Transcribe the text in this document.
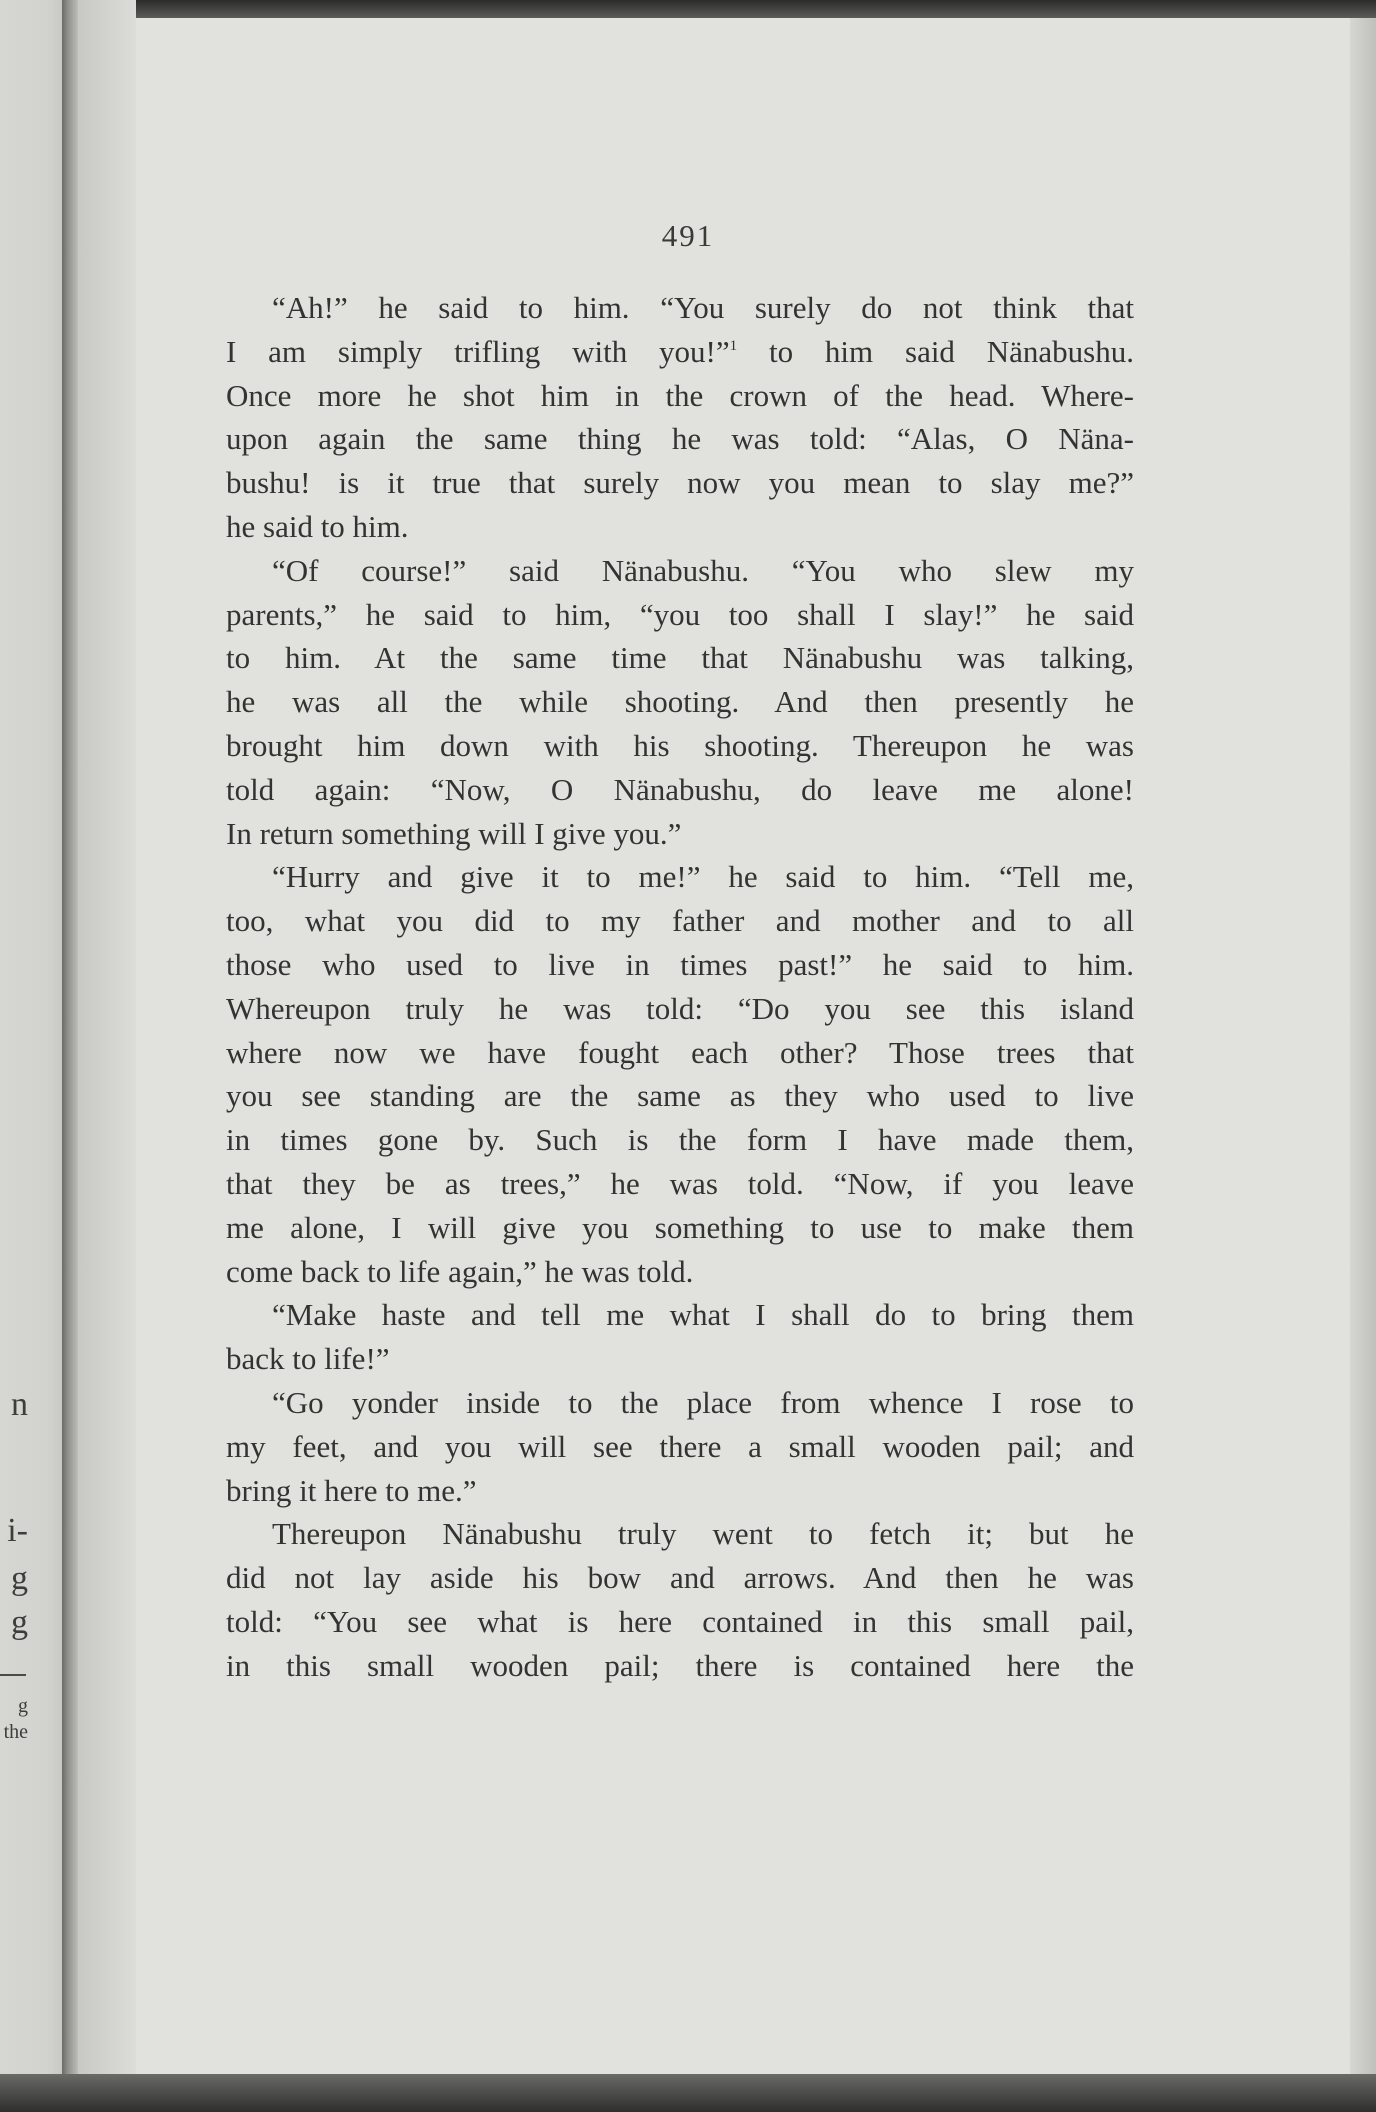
n
i-
g
g
g
the
491
“Ah!” he said to him. “You surely do not think that
I am simply trifling with you!”$^1$ to him said Nänabushu.
Once more he shot him in the crown of the head. Where-
upon again the same thing he was told: “Alas, O Näna-
bushu! is it true that surely now you mean to slay me?”
he said to him.
“Of course!” said Nänabushu. “You who slew my
parents,” he said to him, “you too shall I slay!” he said
to him. At the same time that Nänabushu was talking,
he was all the while shooting. And then presently he
brought him down with his shooting. Thereupon he was
told again: “Now, O Nänabushu, do leave me alone!
In return something will I give you.”
“Hurry and give it to me!” he said to him. “Tell me,
too, what you did to my father and mother and to all
those who used to live in times past!” he said to him.
Whereupon truly he was told: “Do you see this island
where now we have fought each other? Those trees that
you see standing are the same as they who used to live
in times gone by. Such is the form I have made them,
that they be as trees,” he was told. “Now, if you leave
me alone, I will give you something to use to make them
come back to life again,” he was told.
“Make haste and tell me what I shall do to bring them
back to life!”
“Go yonder inside to the place from whence I rose to
my feet, and you will see there a small wooden pail; and
bring it here to me.”
Thereupon Nänabushu truly went to fetch it; but he
did not lay aside his bow and arrows. And then he was
told: “You see what is here contained in this small pail,
in this small wooden pail; there is contained here the
